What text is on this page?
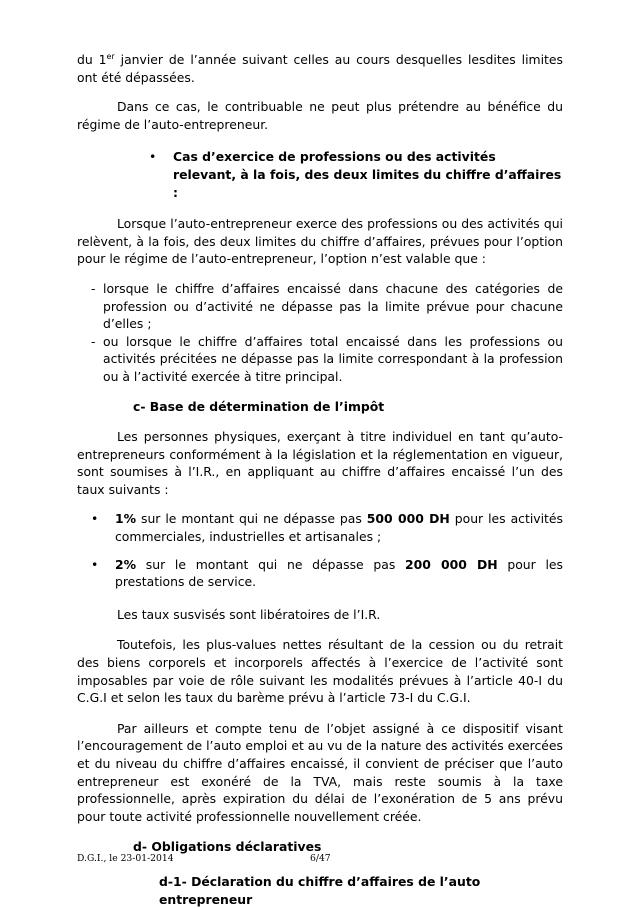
du 1er janvier de l’année suivant celles au cours desquelles lesdites limites ont été dépassées.

Dans ce cas, le contribuable ne peut plus prétendre au bénéfice du régime de l’auto-entrepreneur.

• Cas d’exercice de professions ou des activités relevant, à la fois, des deux limites du chiffre d’affaires :

Lorsque l’auto-entrepreneur exerce des professions ou des activités qui relèvent, à la fois, des deux limites du chiffre d’affaires, prévues pour l’option pour le régime de l’auto-entrepreneur, l’option n’est valable que :

- lorsque le chiffre d’affaires encaissé dans chacune des catégories de profession ou d’activité ne dépasse pas la limite prévue pour chacune d’elles ;
- ou lorsque le chiffre d’affaires total encaissé dans les professions ou activités précitées ne dépasse pas la limite correspondant à la profession ou à l’activité exercée à titre principal.

c- Base de détermination de l’impôt

Les personnes physiques, exerçant à titre individuel en tant qu’auto-entrepreneurs conformément à la législation et la réglementation en vigueur, sont soumises à l’I.R., en appliquant au chiffre d’affaires encaissé l’un des taux suivants :

• 1% sur le montant qui ne dépasse pas 500 000 DH pour les activités commerciales, industrielles et artisanales ;

• 2% sur le montant qui ne dépasse pas 200 000 DH pour les prestations de service.

Les taux susvisés sont libératoires de l’I.R.

Toutefois, les plus-values nettes résultant de la cession ou du retrait des biens corporels et incorporels affectés à l’exercice de l’activité sont imposables par voie de rôle suivant les modalités prévues à l’article 40-I du C.G.I et selon les taux du barème prévu à l’article 73-I du C.G.I.

Par ailleurs et compte tenu de l’objet assigné à ce dispositif visant l’encouragement de l’auto emploi et au vu de la nature des activités exercées et du niveau du chiffre d’affaires encaissé, il convient de préciser que l’auto entrepreneur est exonéré de la TVA, mais reste soumis à la taxe professionnelle, après expiration du délai de l’exonération de 5 ans prévu pour toute activité professionnelle nouvellement créée.

d- Obligations déclaratives

d-1- Déclaration du chiffre d’affaires de l’auto entrepreneur

D.G.I., le 23-01-2014	6/47
